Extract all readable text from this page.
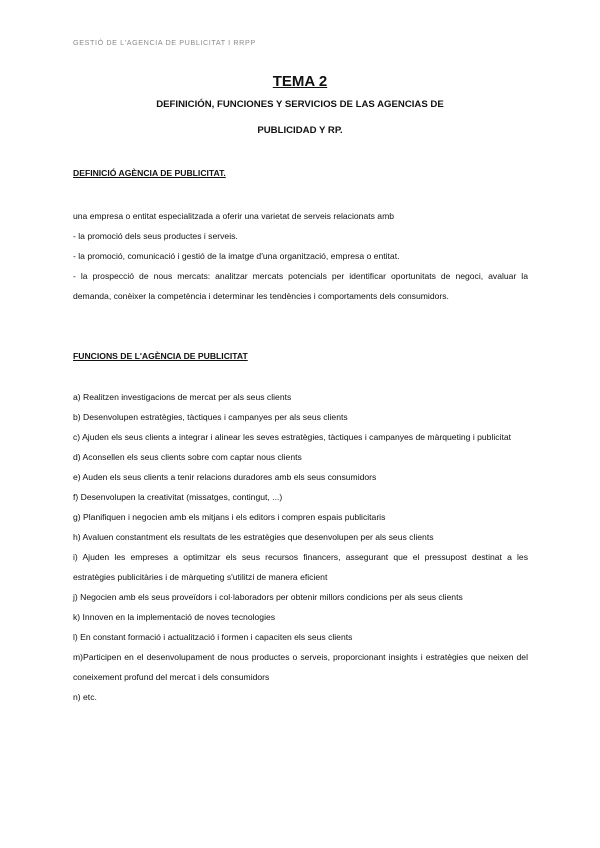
GESTIÓ DE L'AGENCIA DE PUBLICITAT I RRPP
TEMA 2
DEFINICIÓN, FUNCIONES Y SERVICIOS DE LAS AGENCIAS DE
PUBLICIDAD Y RP.
DEFINICIÓ AGÈNCIA DE PUBLICITAT.

una empresa o entitat especialitzada a oferir una varietat de serveis relacionats amb

- la promoció dels seus productes i serveis.

- la promoció, comunicació i gestió de la imatge d'una organització, empresa o entitat.

- la prospecció de nous mercats: analitzar mercats potencials per identificar oportunitats de negoci, avaluar la demanda, conèixer la competència i determinar les tendències i comportaments dels consumidors.

FUNCIONS DE L'AGÈNCIA DE PUBLICITAT

a) Realitzen investigacions de mercat per als seus clients

b) Desenvolupen estratègies, tàctiques i campanyes per als seus clients

c) Ajuden els seus clients a integrar i alinear les seves estratègies, tàctiques i campanyes de màrqueting i publicitat

d) Aconsellen els seus clients sobre com captar nous clients

e) Auden els seus clients a tenir relacions duradores amb els seus consumidors

f) Desenvolupen la creativitat (missatges, contingut, ...)

g) Planifiquen i negocien amb els mitjans i els editors i compren espais publicitaris

h) Avaluen constantment els resultats de les estratègies que desenvolupen per als seus clients

i) Ajuden les empreses a optimitzar els seus recursos financers, assegurant que el pressupost destinat a les estratègies publicitàries i de màrqueting s'utilitzi de manera eficient

j) Negocien amb els seus proveïdors i col·laboradors per obtenir millors condicions per als seus clients

k) Innoven en la implementació de noves tecnologies

l) En constant formació i actualització i formen i capaciten els seus clients

m)Participen en el desenvolupament de nous productes o serveis, proporcionant insights i estratègies que neixen del coneixement profund del mercat i dels consumidors

n) etc.
